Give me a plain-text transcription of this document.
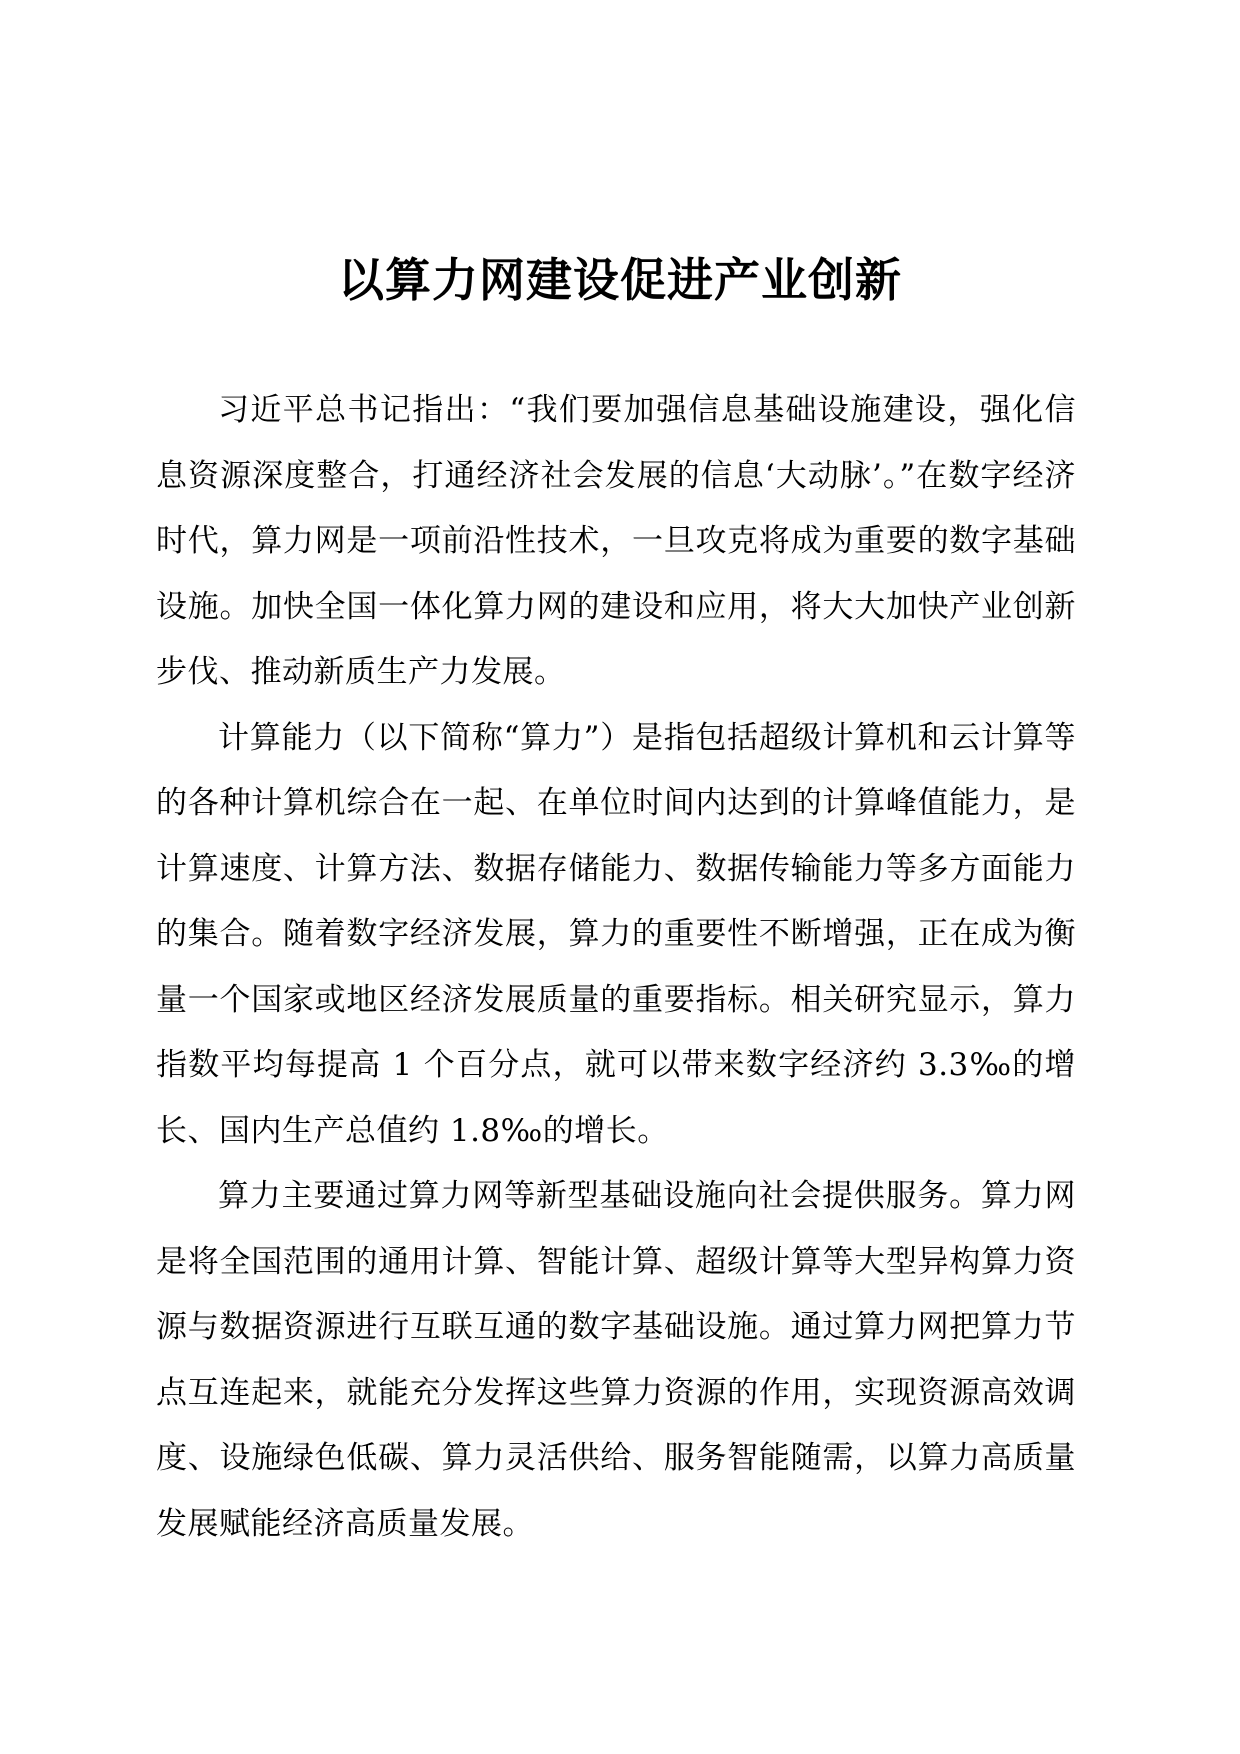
以算力网建设促进产业创新

习近平总书记指出：“我们要加强信息基础设施建设，强化信息资源深度整合，打通经济社会发展的信息‘大动脉’。”在数字经济时代，算力网是一项前沿性技术，一旦攻克将成为重要的数字基础设施。加快全国一体化算力网的建设和应用，将大大加快产业创新步伐、推动新质生产力发展。

计算能力（以下简称“算力”）是指包括超级计算机和云计算等的各种计算机综合在一起、在单位时间内达到的计算峰值能力，是计算速度、计算方法、数据存储能力、数据传输能力等多方面能力的集合。随着数字经济发展，算力的重要性不断增强，正在成为衡量一个国家或地区经济发展质量的重要指标。相关研究显示，算力指数平均每提高 1 个百分点，就可以带来数字经济约 3.3‰的增长、国内生产总值约 1.8‰的增长。

算力主要通过算力网等新型基础设施向社会提供服务。算力网是将全国范围的通用计算、智能计算、超级计算等大型异构算力资源与数据资源进行互联互通的数字基础设施。通过算力网把算力节点互连起来，就能充分发挥这些算力资源的作用，实现资源高效调度、设施绿色低碳、算力灵活供给、服务智能随需，以算力高质量发展赋能经济高质量发展。
